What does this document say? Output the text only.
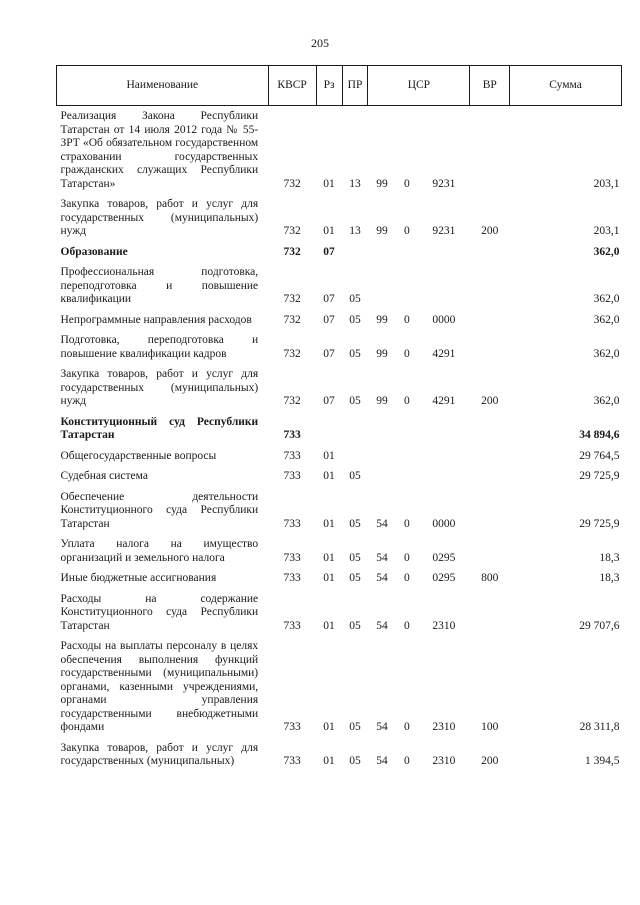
205
Наименование	КВСР	Рз	ПР	ЦСР			ВР	Сумма
Реализация Закона Республики Татарстан от 14 июля 2012 года № 55-ЗРТ «Об обязательном государственном страховании государственных гражданских служащих Республики Татарстан»	732	01	13	99	0	9231		203,1
Закупка товаров, работ и услуг для государственных (муниципальных) нужд	732	01	13	99	0	9231	200	203,1
Образование	732	07						362,0
Профессиональная подготовка, переподготовка и повышение квалификации	732	07	05					362,0
Непрограммные направления расходов	732	07	05	99	0	0000		362,0
Подготовка, переподготовка и повышение квалификации кадров	732	07	05	99	0	4291		362,0
Закупка товаров, работ и услуг для государственных (муниципальных) нужд	732	07	05	99	0	4291	200	362,0
Конституционный суд Республики Татарстан	733							34 894,6
Общегосударственные вопросы	733	01						29 764,5
Судебная система	733	01	05					29 725,9
Обеспечение деятельности Конституционного суда Республики Татарстан	733	01	05	54	0	0000		29 725,9
Уплата налога на имущество организаций и земельного налога	733	01	05	54	0	0295		18,3
Иные бюджетные ассигнования	733	01	05	54	0	0295	800	18,3
Расходы на содержание Конституционного суда Республики Татарстан	733	01	05	54	0	2310		29 707,6
Расходы на выплаты персоналу в целях обеспечения выполнения функций государственными (муниципальными) органами, казенными учреждениями, органами управления государственными внебюджетными фондами	733	01	05	54	0	2310	100	28 311,8
Закупка товаров, работ и услуг для государственных (муниципальных)	733	01	05	54	0	2310	200	1 394,5
